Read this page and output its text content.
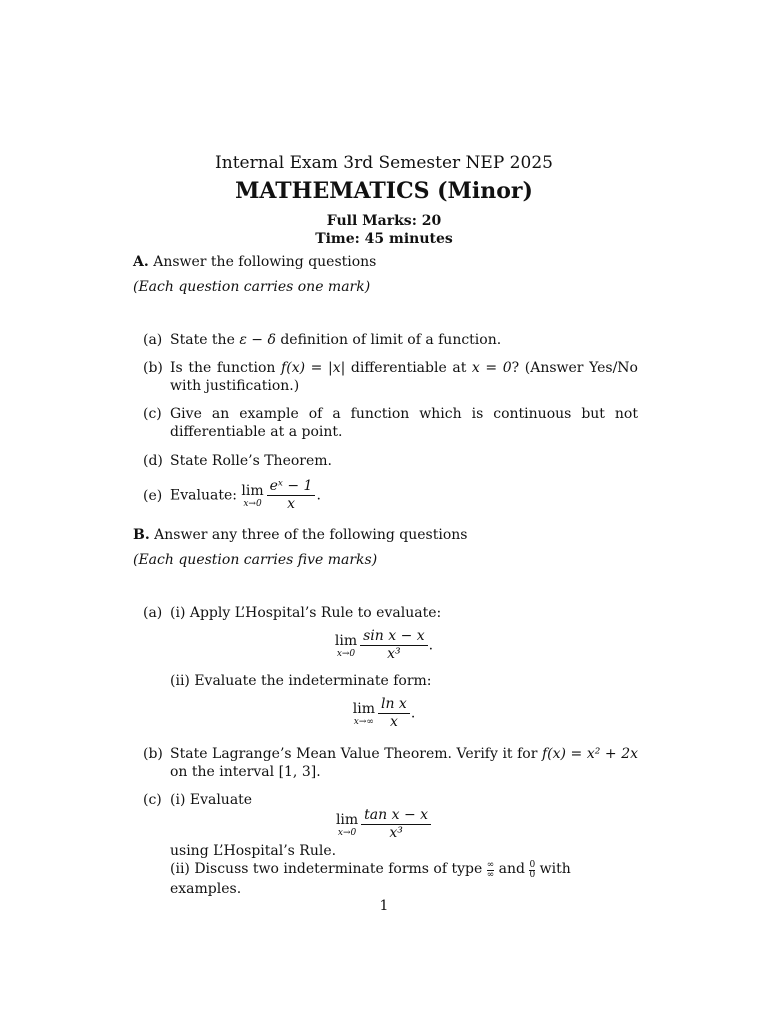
Internal Exam 3rd Semester NEP 2025
MATHEMATICS (Minor)
Full Marks: 20
Time: 45 minutes
A. Answer the following questions
(Each question carries one mark)
(a) State the ε − δ definition of limit of a function.
(b) Is the function f(x) = |x| differentiable at x = 0? (Answer Yes/No with justification.)
(c) Give an example of a function which is continuous but not differentiable at a point.
(d) State Rolle’s Theorem.
(e) Evaluate: lim
$x\to 0 \frac{\text{eˣ − 1}}{x}$ .
B. Answer any three of the following questions
(Each question carries five marks)
(a) (i) Apply L’Hospital’s Rule to evaluate:
lim
$x\to 0 \frac{\text{sin x − x}}{\text{x³}}$ .
(ii) Evaluate the indeterminate form:
lim
$x\to\infty \frac{\text{ln x}}{x}$ .
(b) State Lagrange’s Mean Value Theorem. Verify it for f(x) = x² + 2x on the interval [1, 3].
(c) (i) Evaluate
lim
$x\to 0 \frac{\text{tan x − x}}{\text{x³}}$
using L’Hospital’s Rule.
(ii) Discuss two indeterminate forms of type ∞
∞ and $\frac{0}{0}$ with examples.
1
